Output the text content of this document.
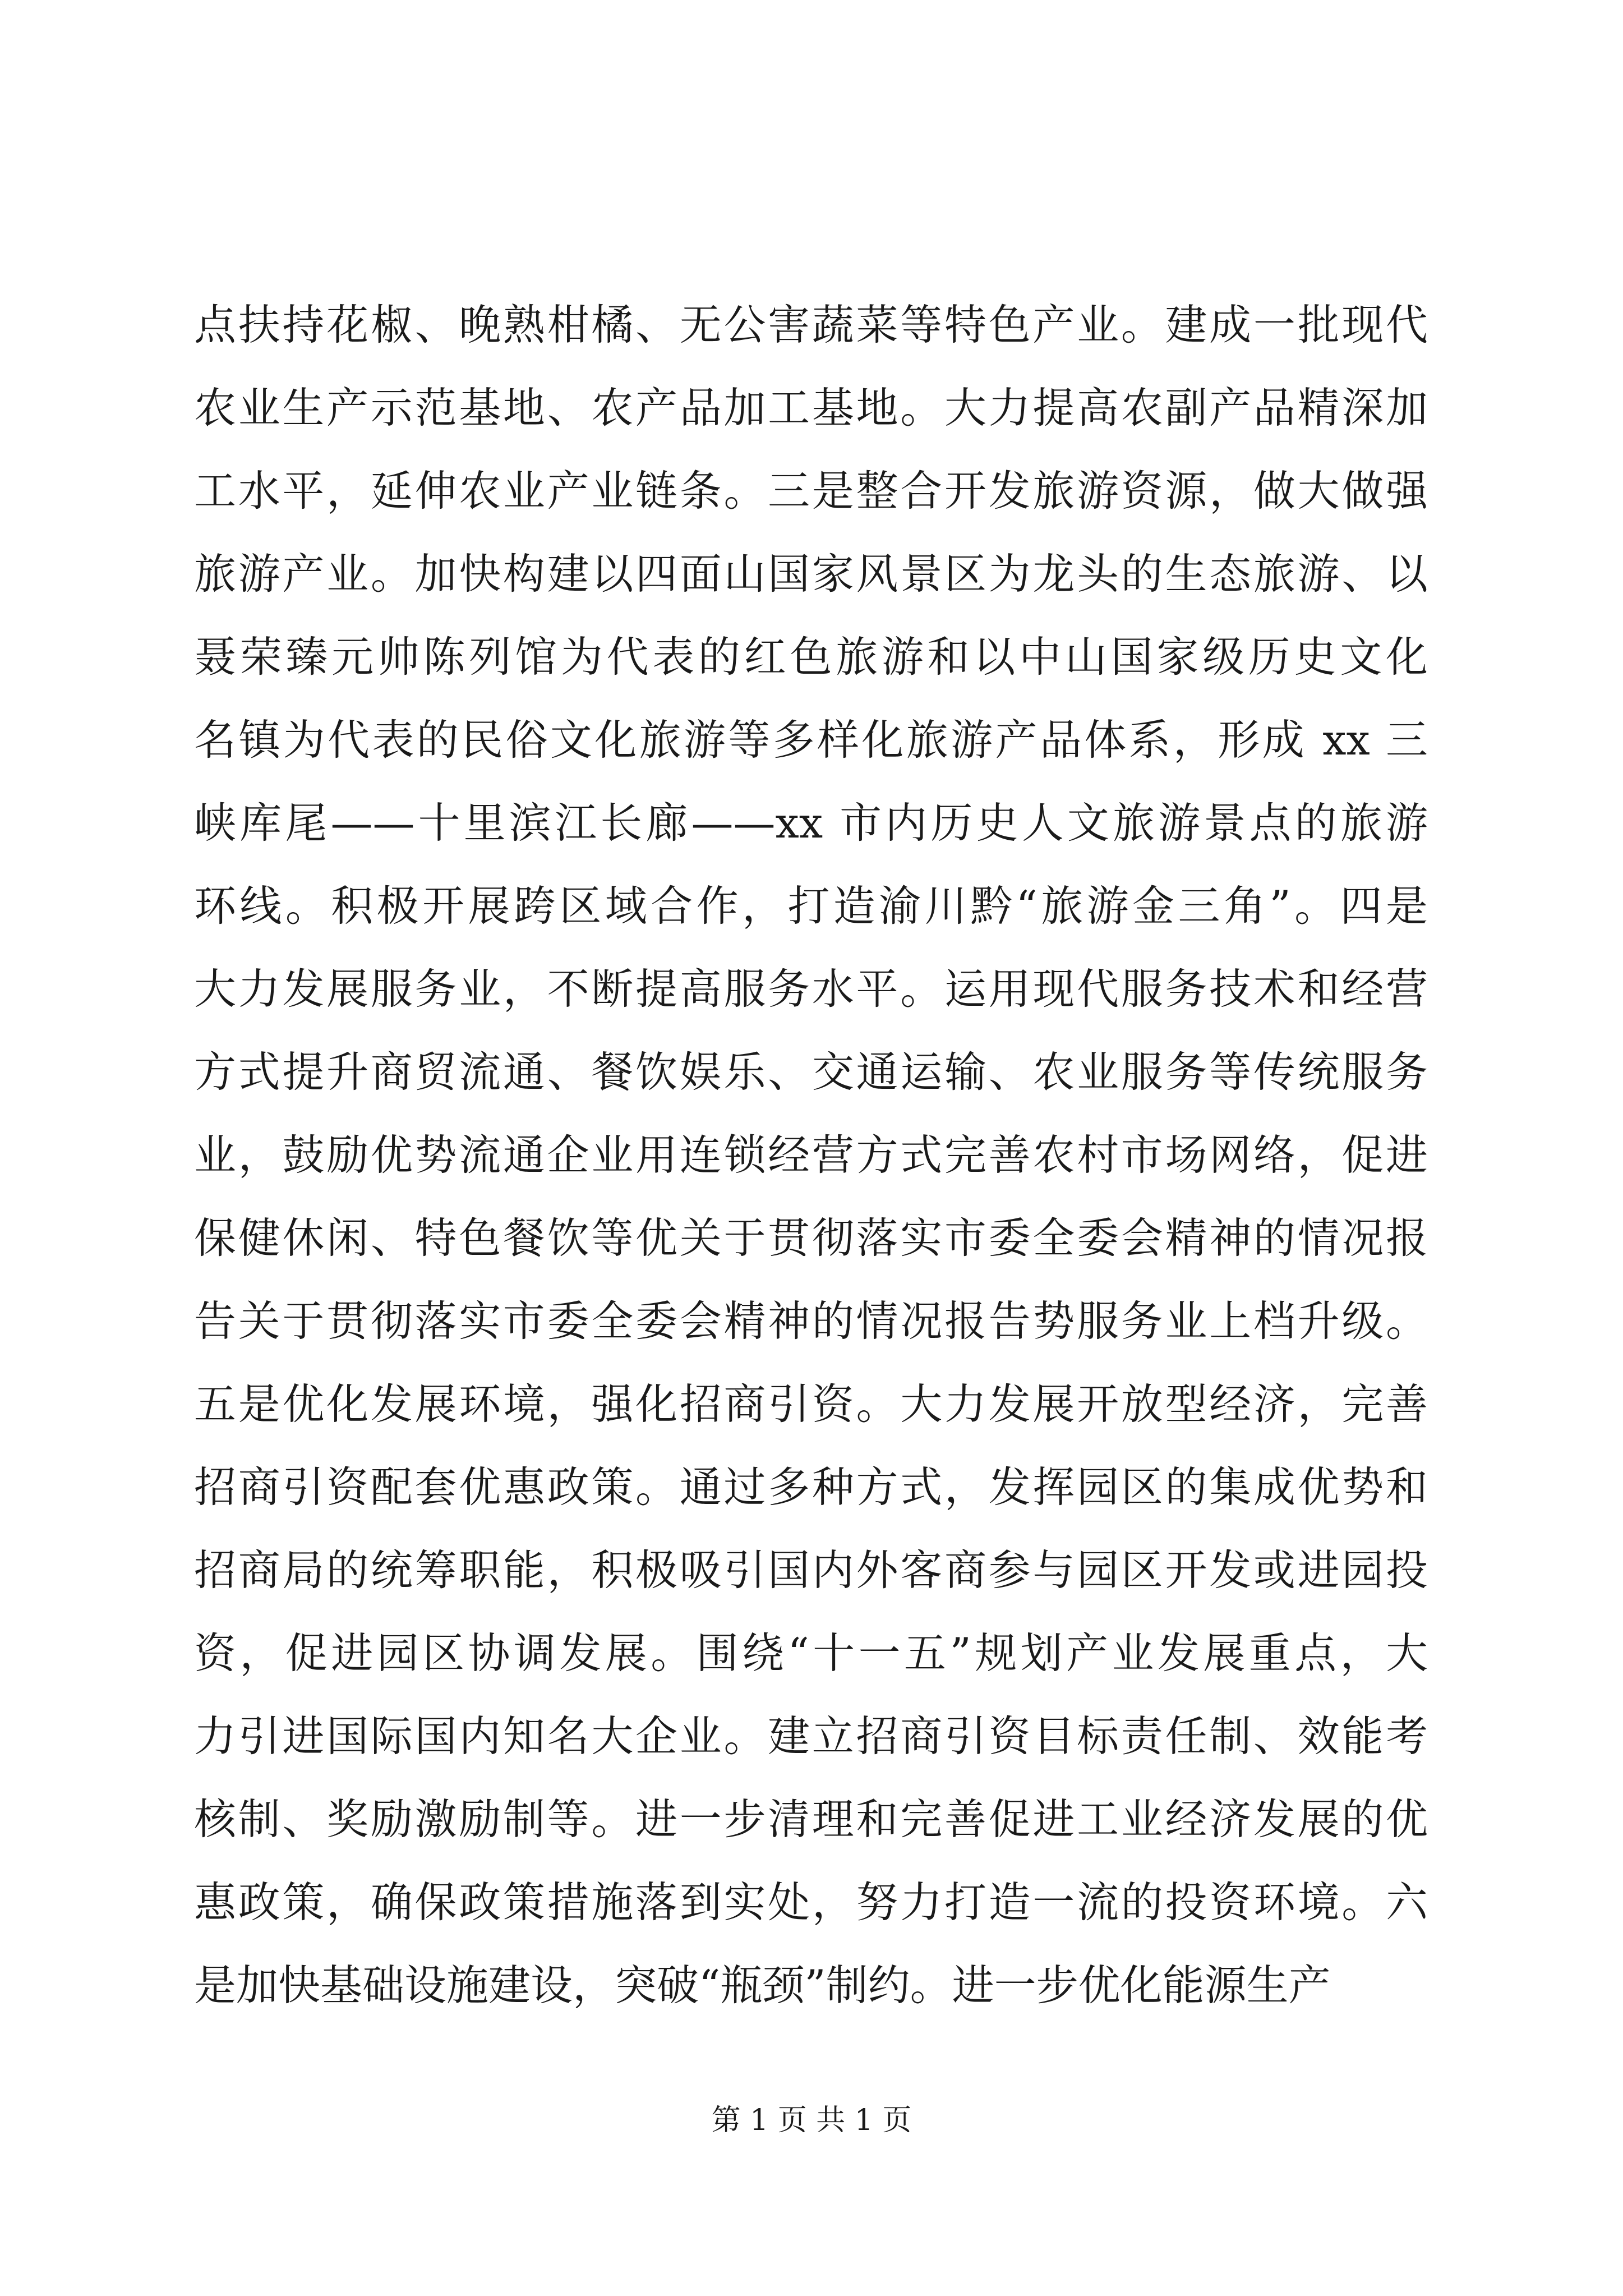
点扶持花椒、晚熟柑橘、无公害蔬菜等特色产业。建成一批现代
农业生产示范基地、农产品加工基地。大力提高农副产品精深加
工水平，延伸农业产业链条。三是整合开发旅游资源，做大做强
旅游产业。加快构建以四面山国家风景区为龙头的生态旅游、以
聂荣臻元帅陈列馆为代表的红色旅游和以中山国家级历史文化
名镇为代表的民俗文化旅游等多样化旅游产品体系，形成 xx 三
峡库尾——十里滨江长廊——xx 市内历史人文旅游景点的旅游
环线。积极开展跨区域合作，打造渝川黔“旅游金三角”。四是
大力发展服务业，不断提高服务水平。运用现代服务技术和经营
方式提升商贸流通、餐饮娱乐、交通运输、农业服务等传统服务
业，鼓励优势流通企业用连锁经营方式完善农村市场网络，促进
保健休闲、特色餐饮等优关于贯彻落实市委全委会精神的情况报
告关于贯彻落实市委全委会精神的情况报告势服务业上档升级。
五是优化发展环境，强化招商引资。大力发展开放型经济，完善
招商引资配套优惠政策。通过多种方式，发挥园区的集成优势和
招商局的统筹职能，积极吸引国内外客商参与园区开发或进园投
资，促进园区协调发展。围绕“十一五”规划产业发展重点，大
力引进国际国内知名大企业。建立招商引资目标责任制、效能考
核制、奖励激励制等。进一步清理和完善促进工业经济发展的优
惠政策，确保政策措施落到实处，努力打造一流的投资环境。六
是加快基础设施建设，突破“瓶颈”制约。进一步优化能源生产
第 1 页 共 1 页
